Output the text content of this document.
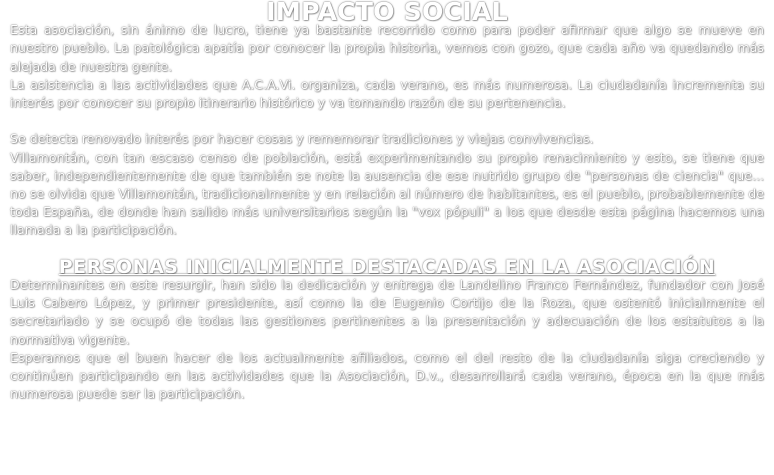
IMPACTO SOCIAL

Esta asociación, sin ánimo de lucro, tiene ya bastante recorrido como para poder afirmar que algo se mueve en nuestro pueblo. La patológica apatía por conocer la propia historia, vemos con gozo, que cada año va quedando más alejada de nuestra gente.

La asistencia a las actividades que A.C.A.Vi. organiza, cada verano, es más numerosa. La ciudadanía incrementa su interés por conocer su propio itinerario histórico y va tomando razón de su pertenencia.

Se detecta renovado interés por hacer cosas y rememorar tradiciones y viejas convivencias.

Villamontán, con tan escaso censo de población, está experimentando su propio renacimiento y esto, se tiene que saber, independientemente de que también se note la ausencia de ese nutrido grupo de "personas de ciencia" que... no se olvida que Villamontán, tradicionalmente y en relación al número de habitantes, es el pueblo, probablemente de toda España, de donde han salido más universitarios según la "vox pópuli" a los que desde esta página hacemos una llamada a la participación.

PERSONAS INICIALMENTE DESTACADAS EN LA ASOCIACIÓN

Determinantes en este resurgir, han sido la dedicación y entrega de Landelino Franco Fernández, fundador con José Luis Cabero López, y primer presidente, así como la de Eugenio Cortijo de la Roza, que ostentó inicialmente el secretariado y se ocupó de todas las gestiones pertinentes a la presentación y adecuación de los estatutos a la normativa vigente.

Esperamos que el buen hacer de los actualmente afiliados, como el del resto de la ciudadanía siga creciendo y continúen participando en las actividades que la Asociación, D.v., desarrollará cada verano, época en la que más numerosa puede ser la participación.
